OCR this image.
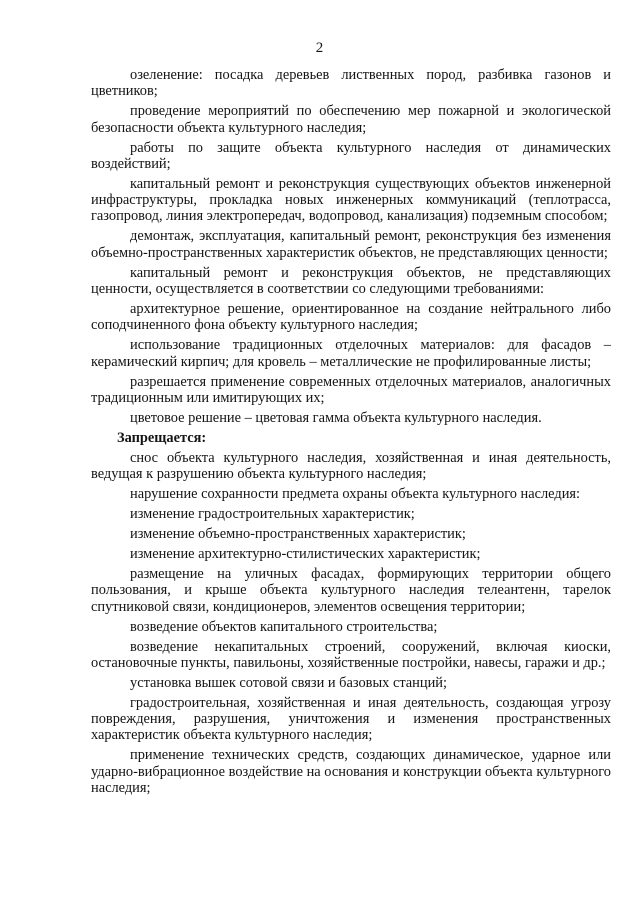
2

озеленение: посадка деревьев лиственных пород, разбивка газонов и цветников;

проведение мероприятий по обеспечению мер пожарной и экологической безопасности объекта культурного наследия;

работы по защите объекта культурного наследия от динамических воздействий;

капитальный ремонт и реконструкция существующих объектов инженерной инфраструктуры, прокладка новых инженерных коммуникаций (теплотрасса, газопровод, линия электропередач, водопровод, канализация) подземным способом;

демонтаж, эксплуатация, капитальный ремонт, реконструкция без изменения объемно-пространственных характеристик объектов, не представляющих ценности;

капитальный ремонт и реконструкция объектов, не представляющих ценности, осуществляется в соответствии со следующими требованиями:

архитектурное решение, ориентированное на создание нейтрального либо соподчиненного фона объекту культурного наследия;

использование традиционных отделочных материалов: для фасадов – керамический кирпич; для кровель – металлические не профилированные листы;

разрешается применение современных отделочных материалов, аналогичных традиционным или имитирующих их;

цветовое решение – цветовая гамма объекта культурного наследия.

Запрещается:

снос объекта культурного наследия, хозяйственная и иная деятельность, ведущая к разрушению объекта культурного наследия;

нарушение сохранности предмета охраны объекта культурного наследия:

изменение градостроительных характеристик;

изменение объемно-пространственных характеристик;

изменение архитектурно-стилистических характеристик;

размещение на уличных фасадах, формирующих территории общего пользования, и крыше объекта культурного наследия телеантенн, тарелок спутниковой связи, кондиционеров, элементов освещения территории;

возведение объектов капитального строительства;

возведение некапитальных строений, сооружений, включая киоски, остановочные пункты, павильоны, хозяйственные постройки, навесы, гаражи и др.;

установка вышек сотовой связи и базовых станций;

градостроительная, хозяйственная и иная деятельность, создающая угрозу повреждения, разрушения, уничтожения и изменения пространственных характеристик объекта культурного наследия;

применение технических средств, создающих динамическое, ударное или ударно-вибрационное воздействие на основания и конструкции объекта культурного наследия;
